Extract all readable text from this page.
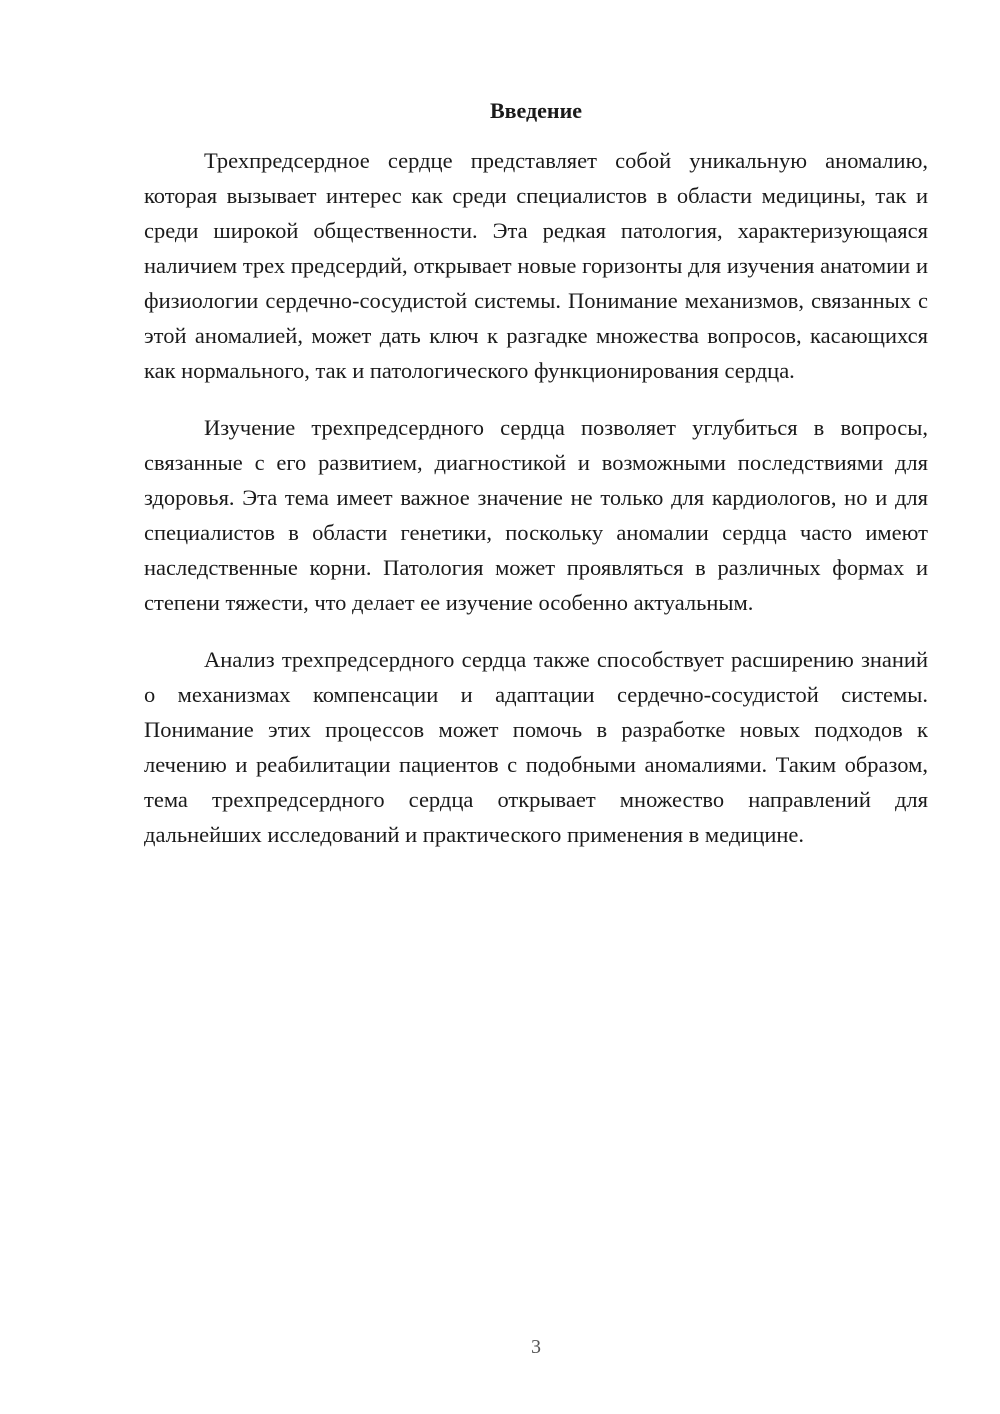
Введение

Трехпредсердное сердце представляет собой уникальную аномалию, которая вызывает интерес как среди специалистов в области медицины, так и среди широкой общественности. Эта редкая патология, характеризующаяся наличием трех предсердий, открывает новые горизонты для изучения анатомии и физиологии сердечно-сосудистой системы. Понимание механизмов, связанных с этой аномалией, может дать ключ к разгадке множества вопросов, касающихся как нормального, так и патологического функционирования сердца.

Изучение трехпредсердного сердца позволяет углубиться в вопросы, связанные с его развитием, диагностикой и возможными последствиями для здоровья. Эта тема имеет важное значение не только для кардиологов, но и для специалистов в области генетики, поскольку аномалии сердца часто имеют наследственные корни. Патология может проявляться в различных формах и степени тяжести, что делает ее изучение особенно актуальным.

Анализ трехпредсердного сердца также способствует расширению знаний о механизмах компенсации и адаптации сердечно-сосудистой системы. Понимание этих процессов может помочь в разработке новых подходов к лечению и реабилитации пациентов с подобными аномалиями. Таким образом, тема трехпредсердного сердца открывает множество направлений для дальнейших исследований и практического применения в медицине.

3
